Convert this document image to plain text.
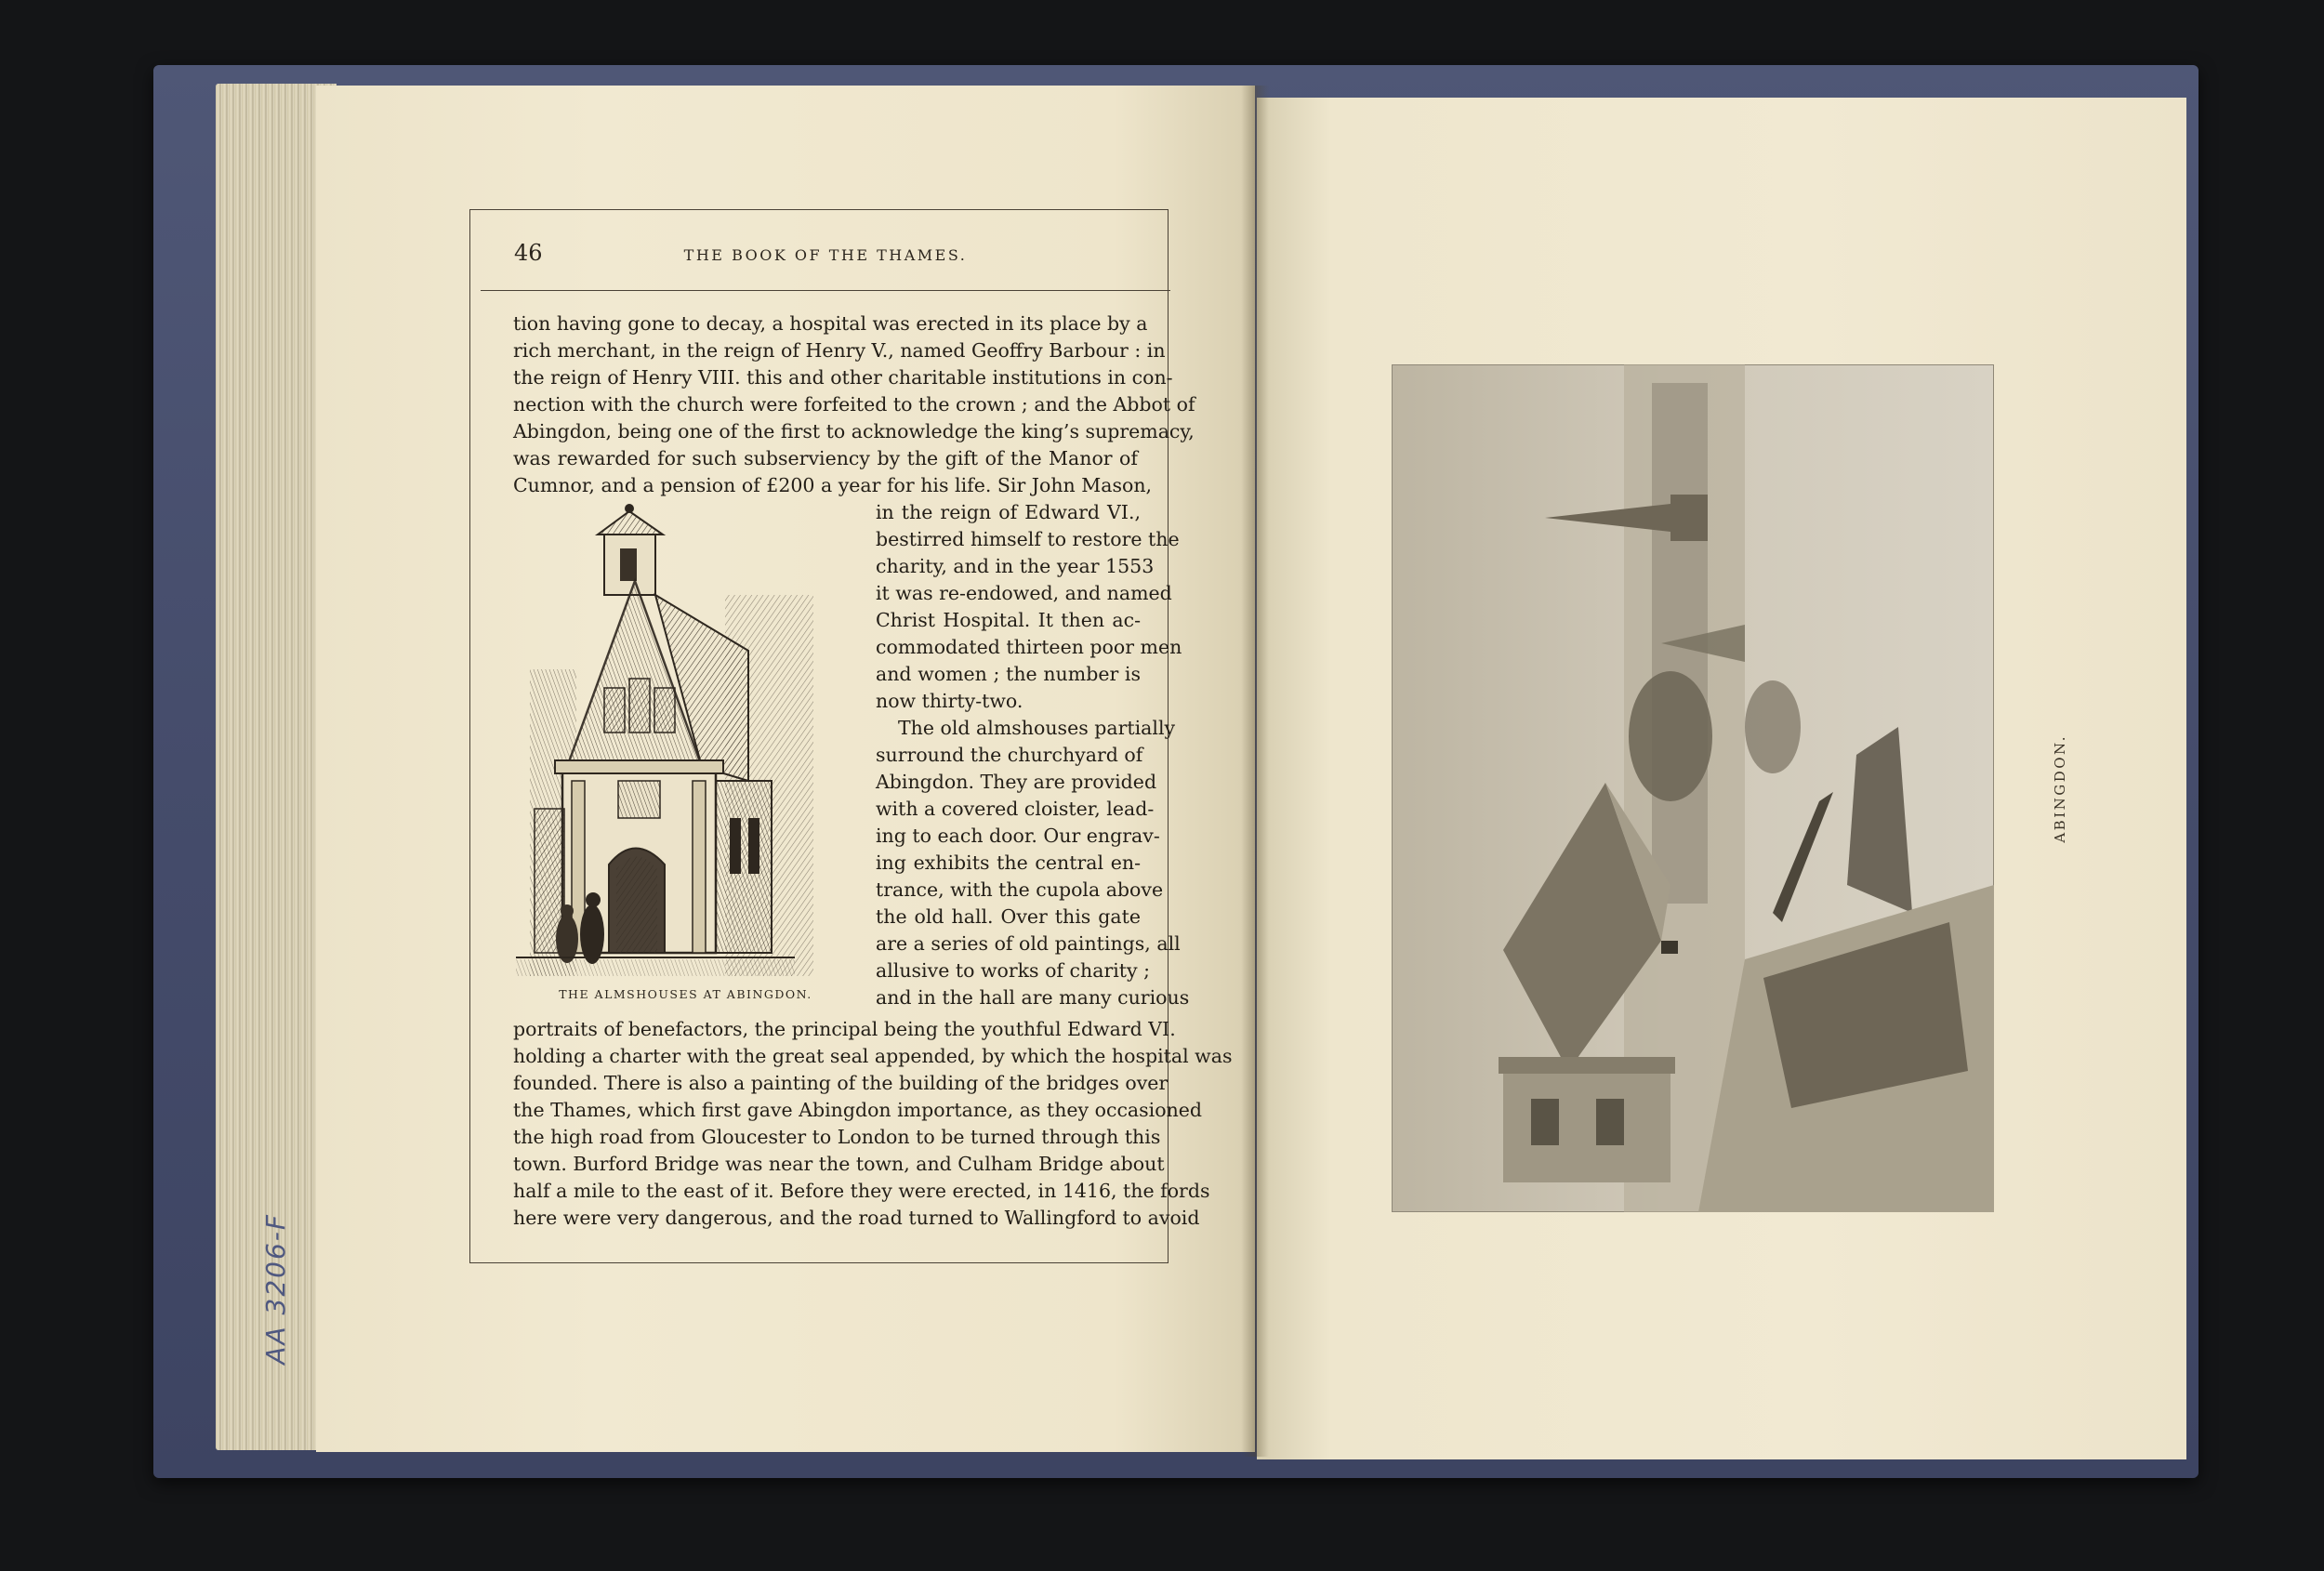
AA 3206-F
46	THE BOOK OF THE THAMES.
tion having gone to decay, a hospital was erected in its place by a
rich merchant, in the reign of Henry V., named Geoffry Barbour : in
the reign of Henry VIII. this and other charitable institutions in con-
nection with the church were forfeited to the crown ; and the Abbot of
Abingdon, being one of the first to acknowledge the king’s supremacy,
was rewarded for such subserviency by the gift of the Manor of
Cumnor, and a pension of £200 a year for his life. Sir John Mason,
in the reign of Edward VI.,
bestirred himself to restore the
charity, and in the year 1553
it was re-endowed, and named
Christ Hospital. It then ac-
commodated thirteen poor men
and women ; the number is
now thirty-two.
The old almshouses partially
surround the churchyard of
Abingdon. They are provided
with a covered cloister, lead-
ing to each door. Our engrav-
ing exhibits the central en-
trance, with the cupola above
the old hall. Over this gate
are a series of old paintings, all
allusive to works of charity ;
and in the hall are many curious
portraits of benefactors, the principal being the youthful Edward VI.
holding a charter with the great seal appended, by which the hospital was
founded. There is also a painting of the building of the bridges over
the Thames, which first gave Abingdon importance, as they occasioned
the high road from Gloucester to London to be turned through this
town. Burford Bridge was near the town, and Culham Bridge about
half a mile to the east of it. Before they were erected, in 1416, the fords
here were very dangerous, and the road turned to Wallingford to avoid
THE ALMSHOUSES AT ABINGDON.
ABINGDON.
